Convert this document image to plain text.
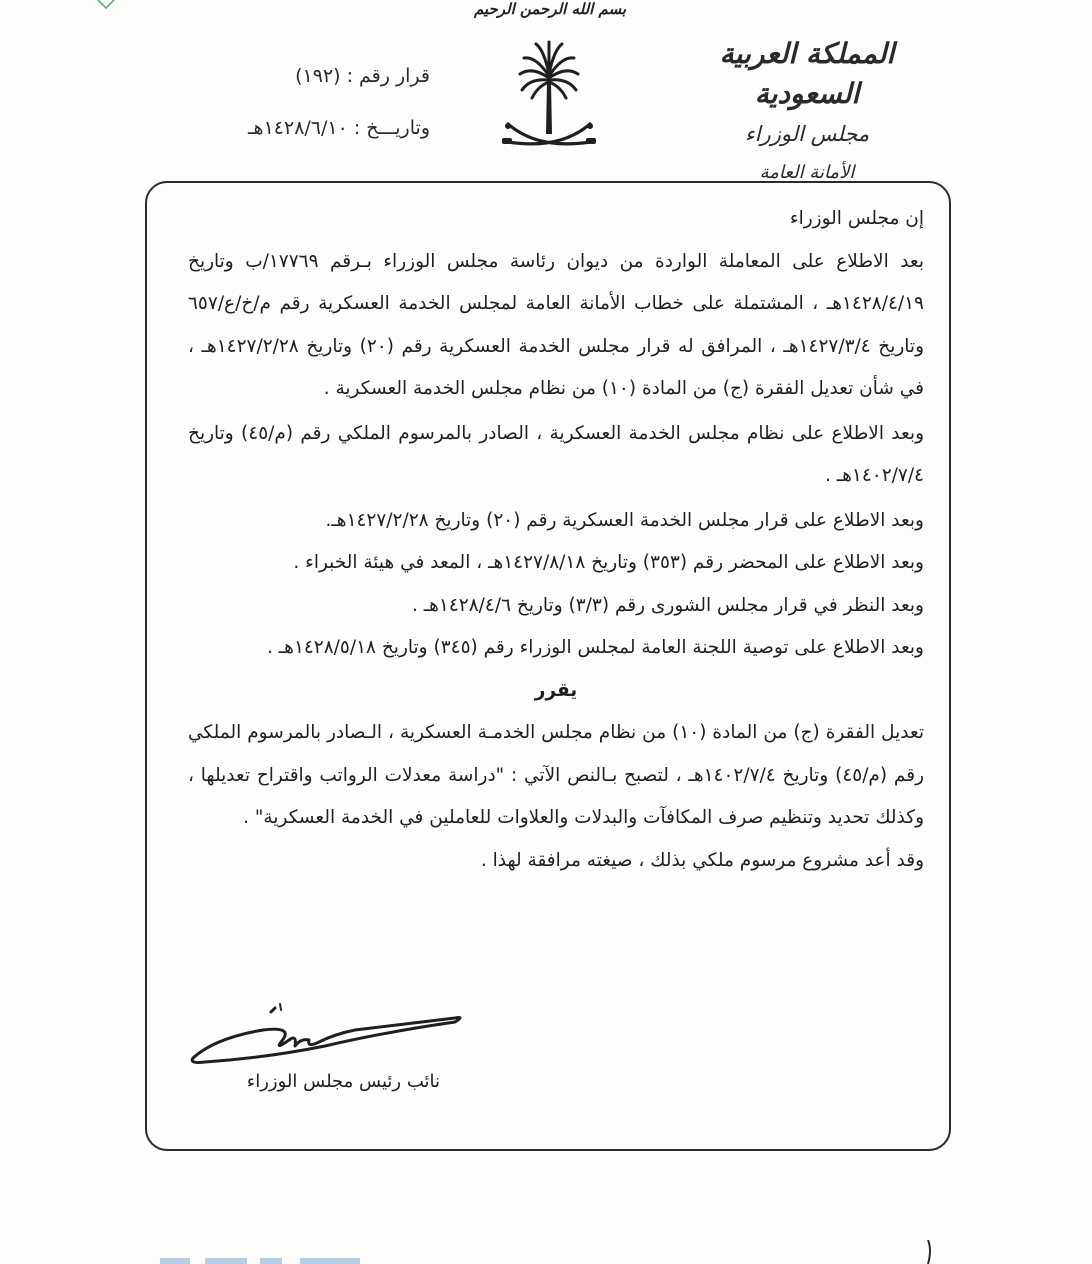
بسم الله الرحمن الرحيم

المملكة العربية السعودية

مجلس الوزراء

الأمانة العامة

قرار رقم : (١٩٢)
وتاريـــخ : ١٤٢٨/٦/١٠هـ

إن مجلس الوزراء

بعد الاطلاع على المعاملة الواردة من ديوان رئاسة مجلس الوزراء بـرقم ١٧٧٦٩/ب وتاريخ ١٤٢٨/٤/١٩هـ ، المشتملة على خطاب الأمانة العامة لمجلس الخدمة العسكرية رقم م/خ/ع/٦٥٧ وتاريخ ١٤٢٧/٣/٤هـ ، المرافق له قرار مجلس الخدمة العسكرية رقم (٢٠) وتاريخ ١٤٢٧/٢/٢٨هـ ، في شأن تعديل الفقرة (ج) من المادة (١٠) من نظام مجلس الخدمة العسكرية .

وبعد الاطلاع على نظام مجلس الخدمة العسكرية ، الصادر بالمرسوم الملكي رقم (م/٤٥) وتاريخ ١٤٠٢/٧/٤هـ .

وبعد الاطلاع على قرار مجلس الخدمة العسكرية رقم (٢٠) وتاريخ ١٤٢٧/٢/٢٨هـ.

وبعد الاطلاع على المحضر رقم (٣٥٣) وتاريخ ١٤٢٧/٨/١٨هـ ، المعد في هيئة الخبراء .

وبعد النظر في قرار مجلس الشورى رقم (٣/٣) وتاريخ ١٤٢٨/٤/٦هـ .

وبعد الاطلاع على توصية اللجنة العامة لمجلس الوزراء رقم (٣٤٥) وتاريخ ١٤٢٨/٥/١٨هـ .

يقرر

تعديل الفقرة (ج) من المادة (١٠) من نظام مجلس الخدمـة العسكرية ، الـصادر بالمرسوم الملكي رقم (م/٤٥) وتاريخ ١٤٠٢/٧/٤هـ ، لتصبح بـالنص الآتي : "دراسة معدلات الرواتب واقتراح تعديلها ، وكذلك تحديد وتنظيم صرف المكافآت والبدلات والعلاوات للعاملين في الخدمة العسكرية" .

وقد أعد مشروع مرسوم ملكي بذلك ، صيغته مرافقة لهذا .

نائب رئيس مجلس الوزراء
